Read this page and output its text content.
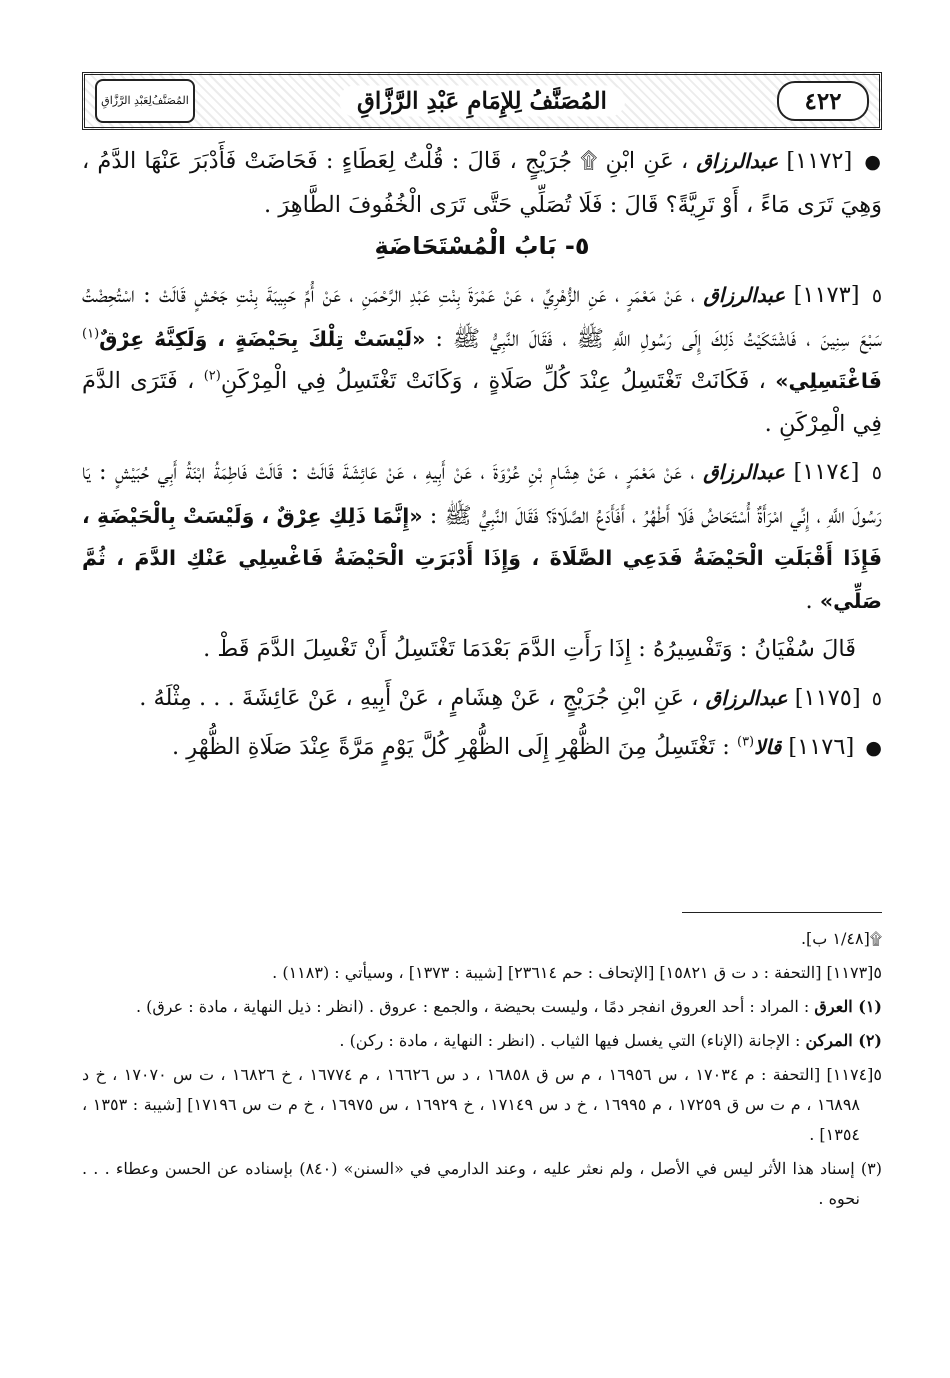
٤٢٢
المُصَنَّفُ لِلإِمَامِ عَبْدِ الرَّزَّاقِ
المُصَنَّفُ
لِعَبْدِ الرَّزَّاقِ

● [١١٧٢] عبدالرزاق ، عَنِ ابْنِ ۩ جُرَيْجٍ ، قَالَ : قُلْتُ لِعَطَاءٍ : فَحَاضَتْ فَأَدْبَرَ عَنْهَا الدَّمُ ، وَهِيَ تَرَى مَاءً ، أَوْ تَرِيَّةً؟ قَالَ : فَلَا تُصَلِّي حَتَّى تَرَى الْخُفُوفَ الطَّاهِرَ .

٥- بَابُ الْمُسْتَحَاضَةِ

٥ [١١٧٣] عبدالرزاق ، عَنْ مَعْمَرٍ ، عَنِ الزُّهْرِيِّ ، عَنْ عَمْرَةَ بِنْتِ عَبْدِ الرَّحْمَنِ ، عَنْ أُمِّ حَبِيبَةَ بِنْتِ جَحْشٍ قَالَتْ : اسْتُحِضْتُ سَبْعَ سِنِينَ ، فَاشْتَكَيْتُ ذَلِكَ إِلَى رَسُولِ اللَّهِ ﷺ ، فَقَالَ النَّبِيُّ ﷺ : «لَيْسَتْ تِلْكَ بِحَيْضَةٍ ، وَلَكِنَّهُ عِرْقٌ$^{(١)}$ فَاغْتَسِلِي» ، فَكَانَتْ تَغْتَسِلُ عِنْدَ كُلِّ صَلَاةٍ ، وَكَانَتْ تَغْتَسِلُ فِي الْمِرْكَنِ$^{(٢)}$ ، فَتَرَى الدَّمَ فِي الْمِرْكَنِ .

٥ [١١٧٤] عبدالرزاق ، عَنْ مَعْمَرٍ ، عَنْ هِشَامِ بْنِ عُرْوَةَ ، عَنْ أَبِيهِ ، عَنْ عَائِشَةَ قَالَتْ : قَالَتْ فَاطِمَةُ ابْنَةُ أَبِي حُبَيْشٍ : يَا رَسُولَ اللَّهِ ، إِنِّي امْرَأَةٌ أُسْتَحَاضُ فَلَا أَطْهُرُ ، أَفَأَدَعُ الصَّلَاةَ؟ فَقَالَ النَّبِيُّ ﷺ : «إِنَّمَا ذَلِكِ عِرْقٌ ، وَلَيْسَتْ بِالْحَيْضَةِ ، فَإِذَا أَقْبَلَتِ الْحَيْضَةُ فَدَعِي الصَّلَاةَ ، وَإِذَا أَدْبَرَتِ الْحَيْضَةُ فَاغْسِلِي عَنْكِ الدَّمَ ، ثُمَّ صَلِّي» .

قَالَ سُفْيَانُ : وَتَفْسِيرُهُ : إِذَا رَأَتِ الدَّمَ بَعْدَمَا تَغْتَسِلُ أَنْ تَغْسِلَ الدَّمَ قَطْ .

٥ [١١٧٥] عبدالرزاق ، عَنِ ابْنِ جُرَيْجٍ ، عَنْ هِشَامٍ ، عَنْ أَبِيهِ ، عَنْ عَائِشَةَ . . . مِثْلَهُ .

● [١١٧٦] قالا$^{(٣)}$ : تَغْتَسِلُ مِنَ الظُّهْرِ إِلَى الظُّهْرِ كُلَّ يَوْمٍ مَرَّةً عِنْدَ صَلَاةِ الظُّهْرِ .

۩[١/٤٨ ب].

٥[١١٧٣] [التحفة : د ت ق ١٥٨٢١] [الإتحاف : حم ٢٣٦١٤] [شيبة : ١٣٧٣] ، وسيأتي : (١١٨٣) .

(١) العرق : المراد : أحد العروق انفجر دمًا ، وليست بحيضة ، والجمع : عروق . (انظر : ذيل النهاية ، مادة : عرق) .

(٢) المركن : الإجانة (الإناء) التي يغسل فيها الثياب . (انظر : النهاية ، مادة : ركن) .

٥[١١٧٤] [التحفة : م ١٧٠٣٤ ، س ١٦٩٥٦ ، م س ق ١٦٨٥٨ ، د س ١٦٦٢٦ ، م ١٦٧٧٤ ، خ ١٦٨٢٦ ، ت س ١٧٠٧٠ ، خ د ١٦٨٩٨ ، م ت س ق ١٧٢٥٩ ، م ١٦٩٩٥ ، خ د س ١٧١٤٩ ، خ ١٦٩٢٩ ، س ١٦٩٧٥ ، خ م ت س ١٧١٩٦] [شيبة : ١٣٥٣ ، ١٣٥٤] .

(٣) إسناد هذا الأثر ليس في الأصل ، ولم نعثر عليه ، وعند الدارمي في «السنن» (٨٤٠) بإسناده عن الحسن وعطاء . . . نحوه .
